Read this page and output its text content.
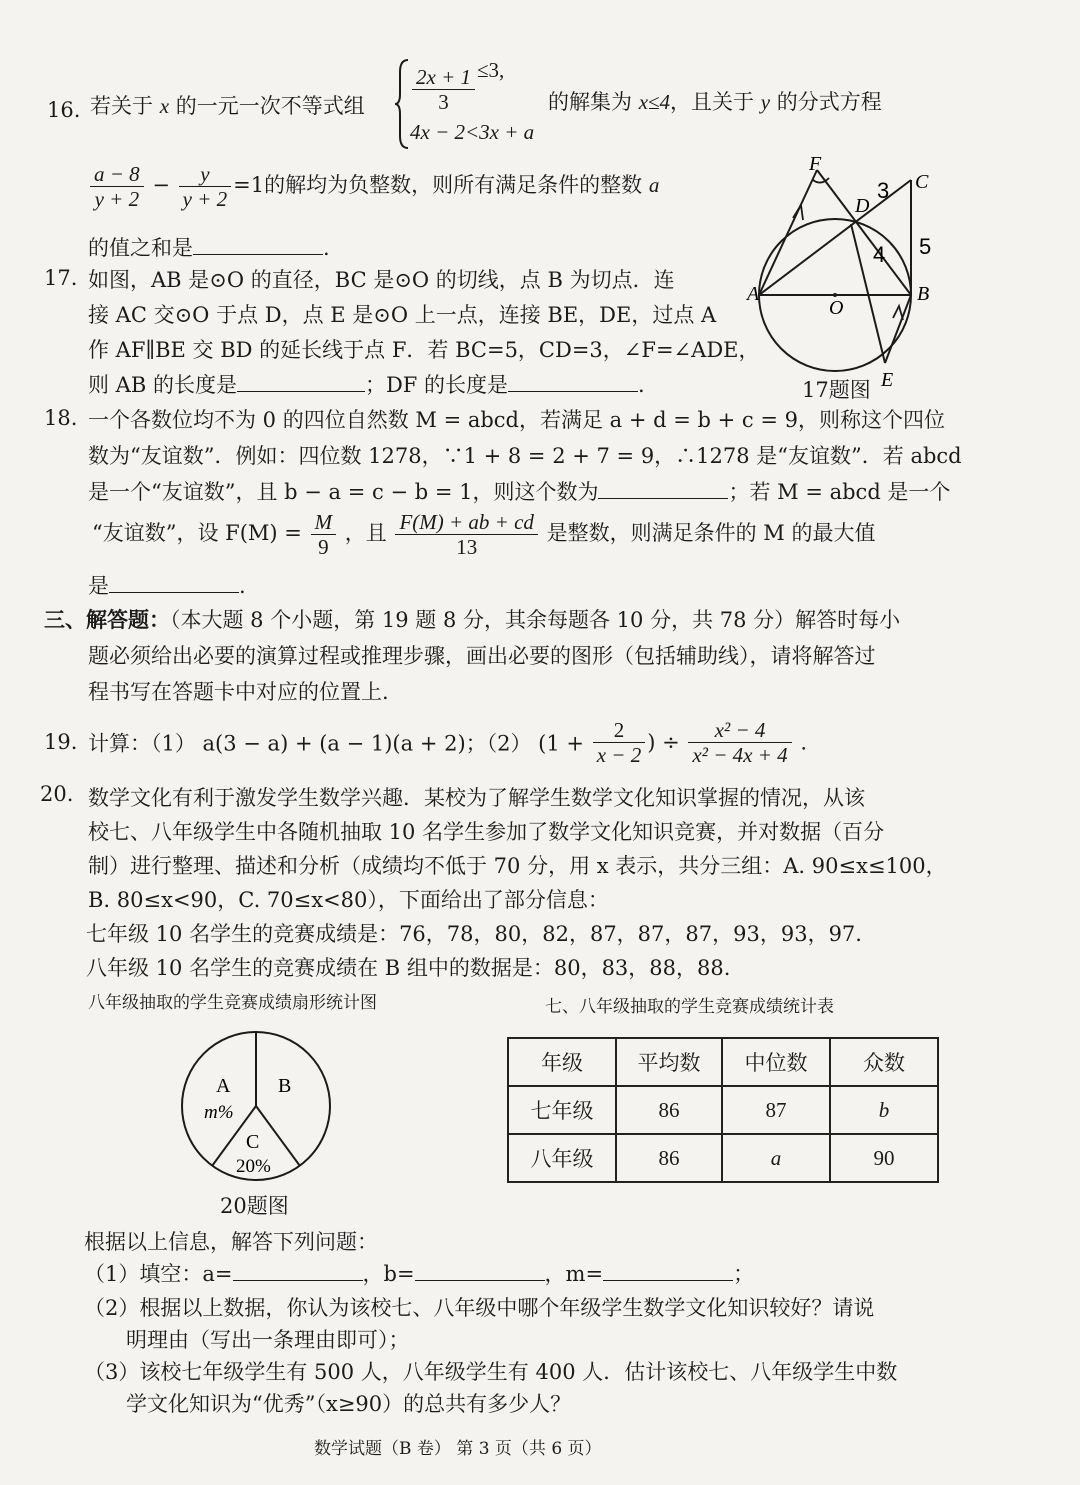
16. 若关于 x 的一元一次不等式组 $\frac{2x + 1}{3} \le 3$,
4x − 2<3x + a
的解集为 x≤4，且关于 y 的分式方程
$\frac{a - 8}{y + 2} - \frac{y}{y + 2} =1$的解均为负整数，则所有满足条件的整数 a
的值之和是	.
F
C
D
A
O
B
E
3
4 5
17题图
17. 如图，AB 是⊙O 的直径，BC 是⊙O 的切线，点 B 为切点．连
接 AC 交⊙O 于点 D，点 E 是⊙O 上一点，连接 BE，DE，过点 A
作 AF∥BE 交 BD 的延长线于点 F．若 BC=5，CD=3，∠F=∠ADE，
则 AB 的长度是	；DF 的长度是	.
18. 一个各数位均不为 0 的四位自然数 M = abcd，若满足 a + d = b + c = 9，则称这个四位
数为“友谊数”．例如：四位数 1278，∵1 + 8 = 2 + 7 = 9，∴1278 是“友谊数”．若 abcd
是一个“友谊数”，且 b − a = c − b = 1，则这个数为	；若 M = abcd 是一个
“友谊数”，设 $F(M) = \frac{M}{9}$ ，且 $\frac{F(M) + ab + cd}{13}$ 是整数，则满足条件的 M 的最大值
是	.
三、解答题：（本大题 8 个小题，第 19 题 8 分，其余每题各 10 分，共 78 分）解答时每小
题必须给出必要的演算过程或推理步骤，画出必要的图形（包括辅助线），请将解答过
程书写在答题卡中对应的位置上.
19. 计算：（1） a(3 − a) + (a − 1)(a + 2)；（2） ($1 + \frac{2}{x - 2}$ ) ÷ $\frac{\text{x² − 4}}{\text{x² − 4x + 4}}$ .
20. 数学文化有利于激发学生数学兴趣．某校为了解学生数学文化知识掌握的情况，从该
校七、八年级学生中各随机抽取 10 名学生参加了数学文化知识竞赛，并对数据（百分
制）进行整理、描述和分析（成绩均不低于 70 分，用 x 表示，共分三组：A. 90≤x≤100，
B. 80≤x<90，C. 70≤x<80），下面给出了部分信息：
七年级 10 名学生的竞赛成绩是：76，78，80，82，87，87，87，93，93，97.
八年级 10 名学生的竞赛成绩在 B 组中的数据是：80，83，88，88.
八年级抽取的学生竞赛成绩扇形统计图	七、八年级抽取的学生竞赛成绩统计表
A
m%
B
C
20%
20题图
年级	平均数	中位数	众数
七年级	86	87	b
八年级	86	a	90
根据以上信息，解答下列问题：
（1）填空：a=	，b=	，m=	；
（2）根据以上数据，你认为该校七、八年级中哪个年级学生数学文化知识较好？请说
明理由（写出一条理由即可）；
（3）该校七年级学生有 500 人，八年级学生有 400 人．估计该校七、八年级学生中数
学文化知识为“优秀”（x≥90）的总共有多少人？
数学试题（B 卷） 第 3 页（共 6 页）
